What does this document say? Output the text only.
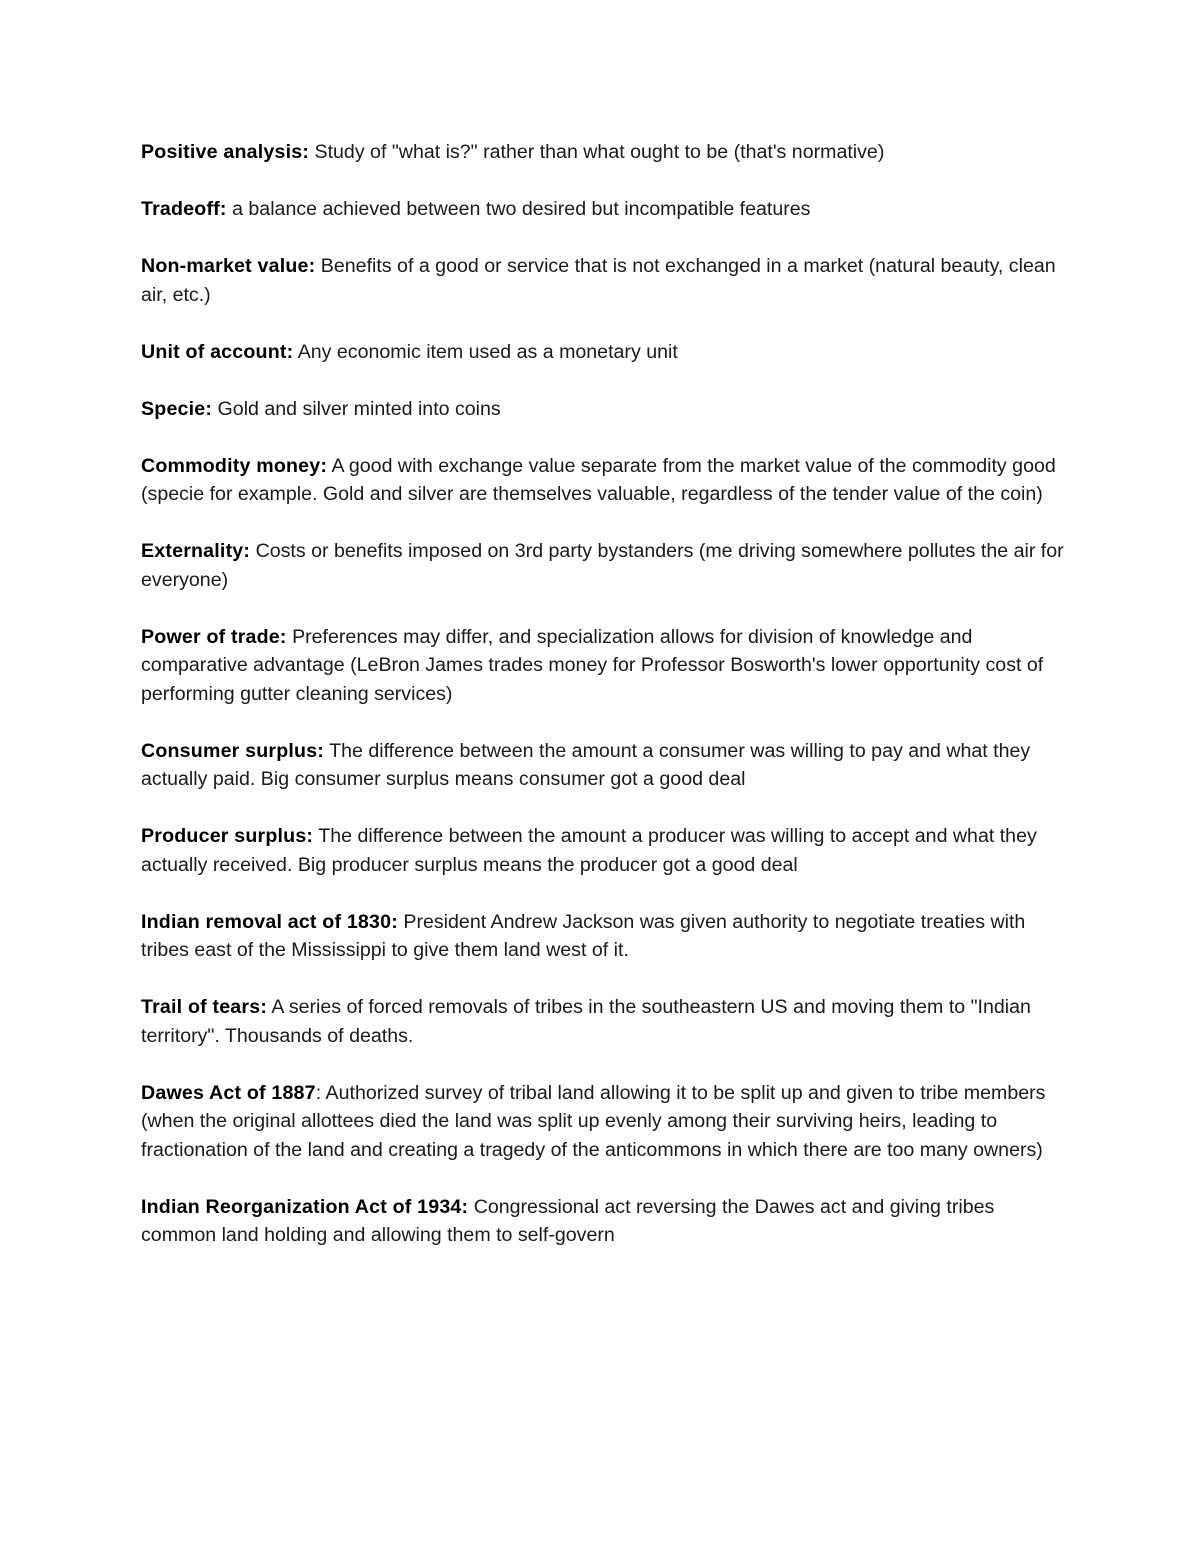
Positive analysis: Study of "what is?" rather than what ought to be (that's normative)

Tradeoff: a balance achieved between two desired but incompatible features

Non-market value: Benefits of a good or service that is not exchanged in a market (natural beauty, clean air, etc.)

Unit of account: Any economic item used as a monetary unit

Specie: Gold and silver minted into coins

Commodity money: A good with exchange value separate from the market value of the commodity good (specie for example. Gold and silver are themselves valuable, regardless of the tender value of the coin)

Externality: Costs or benefits imposed on 3rd party bystanders (me driving somewhere pollutes the air for everyone)

Power of trade: Preferences may differ, and specialization allows for division of knowledge and comparative advantage (LeBron James trades money for Professor Bosworth's lower opportunity cost of performing gutter cleaning services)

Consumer surplus: The difference between the amount a consumer was willing to pay and what they actually paid. Big consumer surplus means consumer got a good deal

Producer surplus: The difference between the amount a producer was willing to accept and what they actually received. Big producer surplus means the producer got a good deal

Indian removal act of 1830: President Andrew Jackson was given authority to negotiate treaties with tribes east of the Mississippi to give them land west of it.

Trail of tears: A series of forced removals of tribes in the southeastern US and moving them to "Indian territory". Thousands of deaths.

Dawes Act of 1887: Authorized survey of tribal land allowing it to be split up and given to tribe members (when the original allottees died the land was split up evenly among their surviving heirs, leading to fractionation of the land and creating a tragedy of the anticommons in which there are too many owners)

Indian Reorganization Act of 1934: Congressional act reversing the Dawes act and giving tribes common land holding and allowing them to self-govern
